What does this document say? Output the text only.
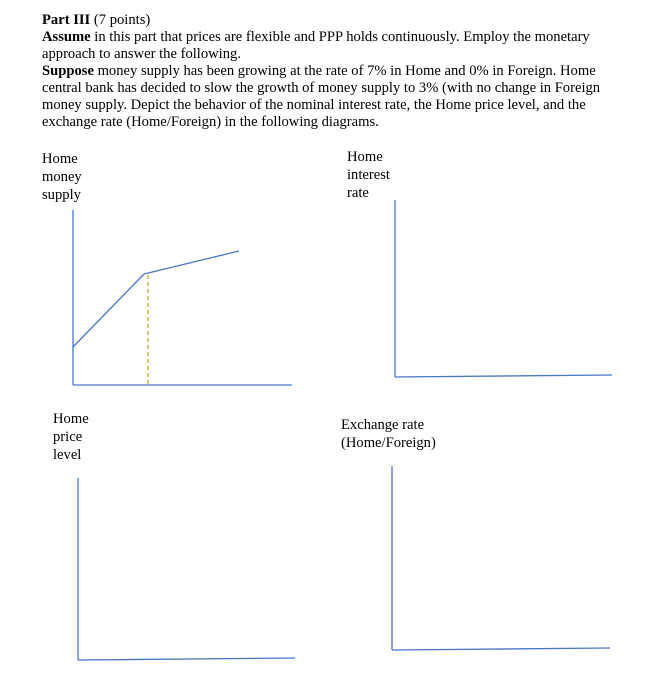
Part III (7 points)

Assume in this part that prices are flexible and PPP holds continuously. Employ the monetary approach to answer the following.

Suppose money supply has been growing at the rate of 7% in Home and 0% in Foreign. Home central bank has decided to slow the growth of money supply to 3% (with no change in Foreign money supply. Depict the behavior of the nominal interest rate, the Home price level, and the exchange rate (Home/Foreign) in the following diagrams.

Home
money
supply
Home
interest
rate
Home
price
level
Exchange rate
(Home/Foreign)
